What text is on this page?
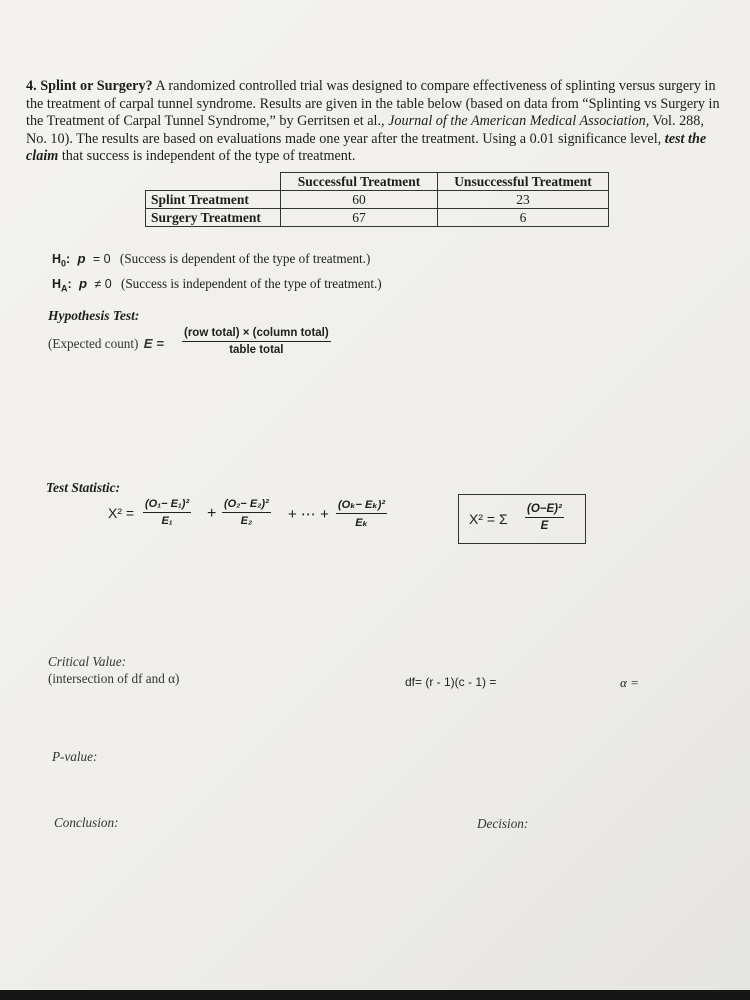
4. Splint or Surgery? A randomized controlled trial was designed to compare effectiveness of splinting versus surgery in the treatment of carpal tunnel syndrome. Results are given in the table below (based on data from “Splinting vs Surgery in the Treatment of Carpal Tunnel Syndrome,” by Gerritsen et al., Journal of the American Medical Association, Vol. 288, No. 10). The results are based on evaluations made one year after the treatment. Using a 0.01 significance level, test the claim that success is independent of the type of treatment.
	Successful Treatment	Unsuccessful Treatment
Splint Treatment	60	23
Surgery Treatment	67	6
$H_0$: p = 0 (Success is dependent of the type of treatment.)
$H_A$: p ≠ 0 (Success is independent of the type of treatment.)
Hypothesis Test:
(Expected count) E =
(row total) × (column total)
table total
Test Statistic:
$X^2 = \frac{\text{(O₁− E₁)²}}{\text{E₁}} + \frac{\text{(O₂− E₂)²}}{\text{E₂}}$ + ⋯ + $\frac{\text{(Oₖ− Eₖ)²}}{\text{Eₖ}}$	X² = Σ $\frac{\text{(O−E)²}}{E}$
Critical Value:
(intersection of df and α)	df= (r - 1)(c - 1) =	α =
P-value:
Conclusion:	Decision:
